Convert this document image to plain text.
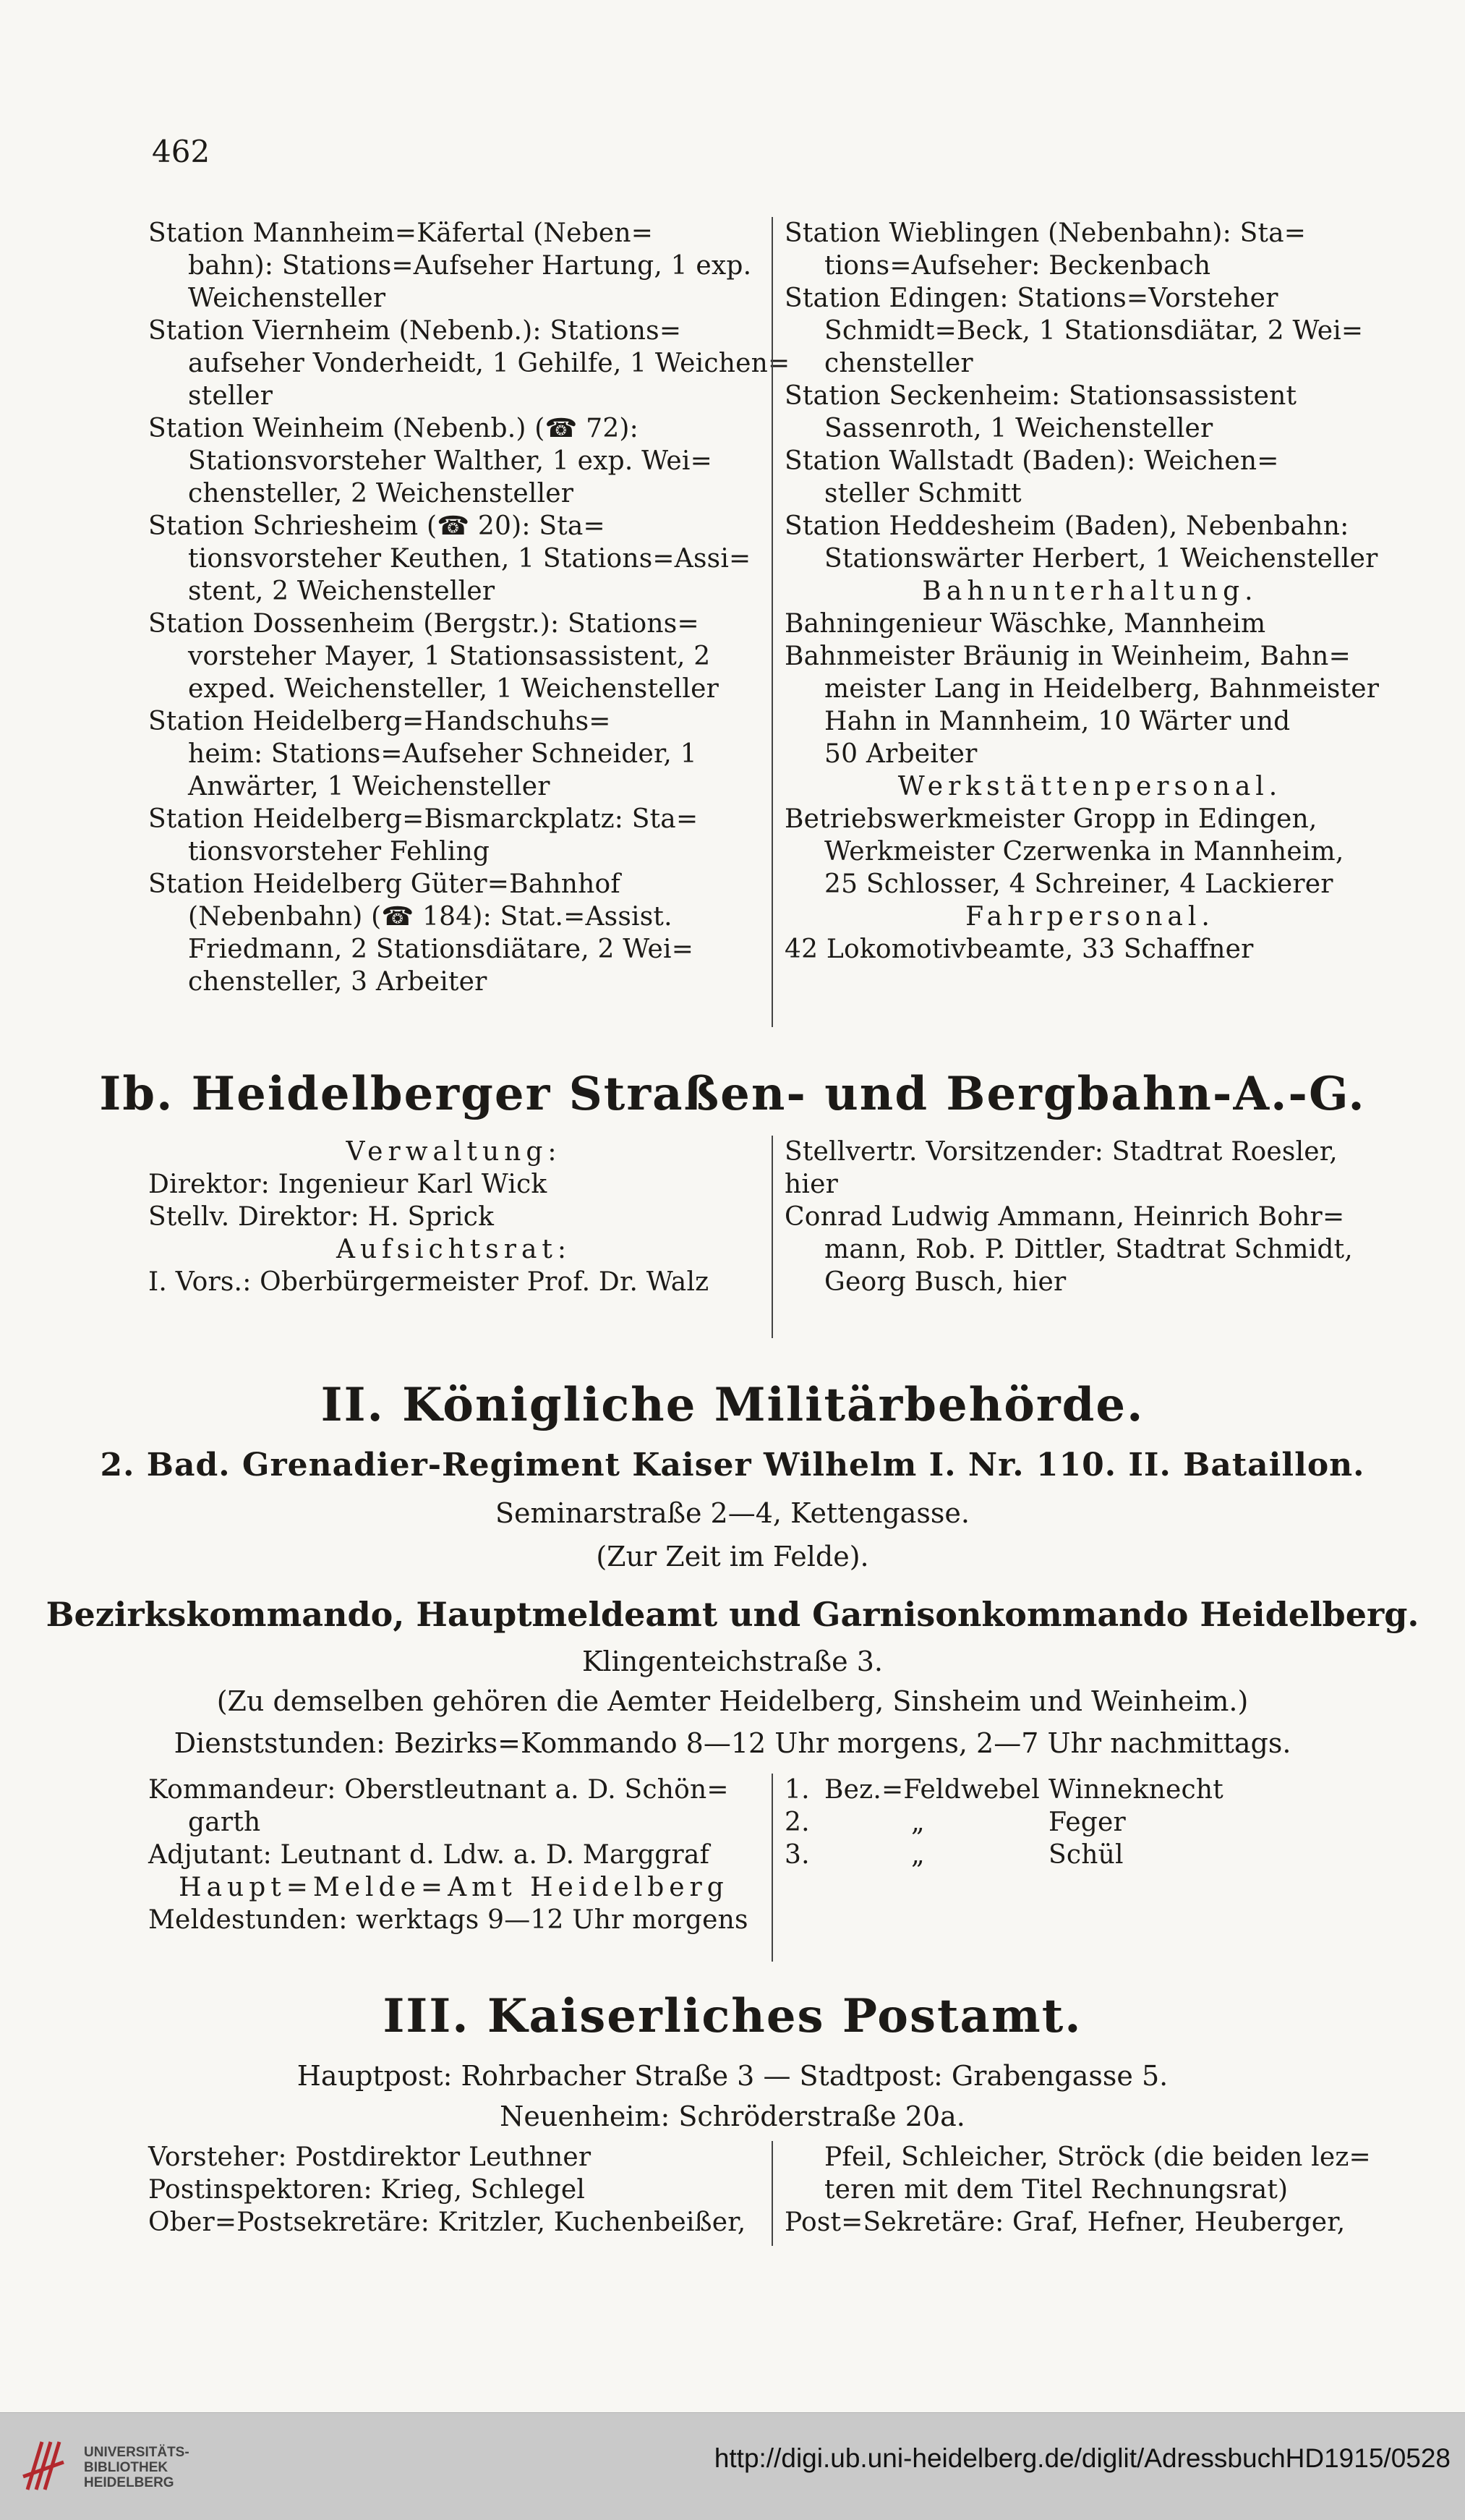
462
Station Mannheim=Käfertal (Neben=
bahn): Stations=Aufseher Hartung, 1 exp.
Weichensteller
Station Viernheim (Nebenb.): Stations=
aufseher Vonderheidt, 1 Gehilfe, 1 Weichen=
steller
Station Weinheim (Nebenb.) (☎ 72):
Stationsvorsteher Walther, 1 exp. Wei=
chensteller, 2 Weichensteller
Station Schriesheim (☎ 20): Sta=
tionsvorsteher Keuthen, 1 Stations=Assi=
stent, 2 Weichensteller
Station Dossenheim (Bergstr.): Stations=
vorsteher Mayer, 1 Stationsassistent, 2
exped. Weichensteller, 1 Weichensteller
Station Heidelberg=Handschuhs=
heim: Stations=Aufseher Schneider, 1
Anwärter, 1 Weichensteller
Station Heidelberg=Bismarckplatz: Sta=
tionsvorsteher Fehling
Station Heidelberg Güter=Bahnhof
(Nebenbahn) (☎ 184): Stat.=Assist.
Friedmann, 2 Stationsdiätare, 2 Wei=
chensteller, 3 Arbeiter
Station Wieblingen (Nebenbahn): Sta=
tions=Aufseher: Beckenbach
Station Edingen: Stations=Vorsteher
Schmidt=Beck, 1 Stationsdiätar, 2 Wei=
chensteller
Station Seckenheim: Stationsassistent
Sassenroth, 1 Weichensteller
Station Wallstadt (Baden): Weichen=
steller Schmitt
Station Heddesheim (Baden), Nebenbahn:
Stationswärter Herbert, 1 Weichensteller
Bahnunterhaltung.
Bahningenieur Wäschke, Mannheim
Bahnmeister Bräunig in Weinheim, Bahn=
meister Lang in Heidelberg, Bahnmeister
Hahn in Mannheim, 10 Wärter und
50 Arbeiter
Werkstättenpersonal.
Betriebswerkmeister Gropp in Edingen,
Werkmeister Czerwenka in Mannheim,
25 Schlosser, 4 Schreiner, 4 Lackierer
Fahrpersonal.
42 Lokomotivbeamte, 33 Schaffner
Ib. Heidelberger Straßen- und Bergbahn-A.-G.
Verwaltung:
Direktor: Ingenieur Karl Wick
Stellv. Direktor: H. Sprick
Aufsichtsrat:
I. Vors.: Oberbürgermeister Prof. Dr. Walz
Stellvertr. Vorsitzender: Stadtrat Roesler,
hier
Conrad Ludwig Ammann, Heinrich Bohr=
mann, Rob. P. Dittler, Stadtrat Schmidt,
Georg Busch, hier
II. Königliche Militärbehörde.
2. Bad. Grenadier-Regiment Kaiser Wilhelm I. Nr. 110. II. Bataillon.
Seminarstraße 2—4, Kettengasse.
(Zur Zeit im Felde).
Bezirkskommando, Hauptmeldeamt und Garnisonkommando Heidelberg.
Klingenteichstraße 3.
(Zu demselben gehören die Aemter Heidelberg, Sinsheim und Weinheim.)
Dienststunden: Bezirks=Kommando 8—12 Uhr morgens, 2—7 Uhr nachmittags.
Kommandeur: Oberstleutnant a. D. Schön=
garth
Adjutant: Leutnant d. Ldw. a. D. Marggraf
Haupt=Melde=Amt Heidelberg
Meldestunden: werktags 9—12 Uhr morgens
1. Bez.=Feldwebel Winneknecht
2.	„	Feger
3.	„	Schül
III. Kaiserliches Postamt.
Hauptpost: Rohrbacher Straße 3 — Stadtpost: Grabengasse 5.
Neuenheim: Schröderstraße 20a.
Vorsteher: Postdirektor Leuthner
Postinspektoren: Krieg, Schlegel
Ober=Postsekretäre: Kritzler, Kuchenbeißer,
Pfeil, Schleicher, Ströck (die beiden lez=
teren mit dem Titel Rechnungsrat)
Post=Sekretäre: Graf, Hefner, Heuberger,
UNIVERSITÄTS-
BIBLIOTHEK
HEIDELBERG
http://digi.ub.uni-heidelberg.de/diglit/AdressbuchHD1915/0528
